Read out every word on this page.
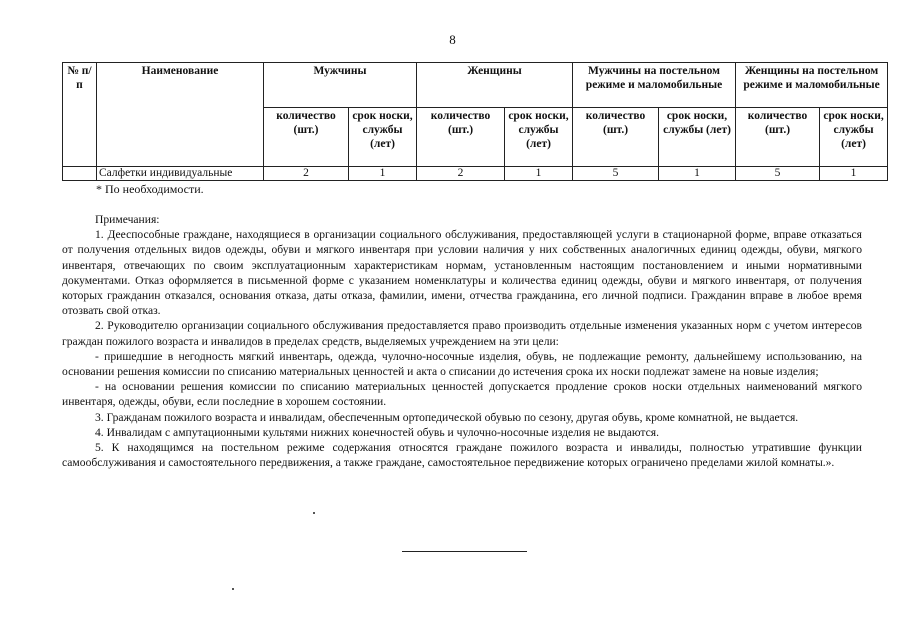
8
№ п/п	Наименование	Мужчины		Женщины		Мужчины на постельном режиме и маломобильные		Женщины на постельном режиме и маломобильные	
		количество (шт.)	срок носки, службы (лет)	количество (шт.)	срок носки, службы (лет)	количество (шт.)	срок носки, службы (лет)	количество (шт.)	срок носки, службы (лет)
	Салфетки индивидуальные	2	1	2	1	5	1	5	1
* По необходимости.

Примечания:

1. Дееспособные граждане, находящиеся в организации социального обслуживания, предоставляющей услуги в стационарной форме, вправе отказаться от получения отдельных видов одежды, обуви и мягкого инвентаря при условии наличия у них собственных аналогичных единиц одежды, обуви, мягкого инвентаря, отвечающих по своим эксплуатационным характеристикам нормам, установленным настоящим постановлением и иными нормативными документами. Отказ оформляется в письменной форме с указанием номенклатуры и количества единиц одежды, обуви и мягкого инвентаря, от получения которых гражданин отказался, основания отказа, даты отказа, фамилии, имени, отчества гражданина, его личной подписи. Гражданин вправе в любое время отозвать свой отказ.

2. Руководителю организации социального обслуживания предоставляется право производить отдельные изменения указанных норм с учетом интересов граждан пожилого возраста и инвалидов в пределах средств, выделяемых учреждением на эти цели:

- пришедшие в негодность мягкий инвентарь, одежда, чулочно-носочные изделия, обувь, не подлежащие ремонту, дальнейшему использованию, на основании решения комиссии по списанию материальных ценностей и акта о списании до истечения срока их носки подлежат замене на новые изделия;

- на основании решения комиссии по списанию материальных ценностей допускается продление сроков носки отдельных наименований мягкого инвентаря, одежды, обуви, если последние в хорошем состоянии.

3. Гражданам пожилого возраста и инвалидам, обеспеченным ортопедической обувью по сезону, другая обувь, кроме комнатной, не выдается.

4. Инвалидам с ампутационными культями нижних конечностей обувь и чулочно-носочные изделия не выдаются.

5. К находящимся на постельном режиме содержания относятся граждане пожилого возраста и инвалиды, полностью утратившие функции самообслуживания и самостоятельного передвижения, а также граждане, самостоятельное передвижение которых ограничено пределами жилой комнаты.».
